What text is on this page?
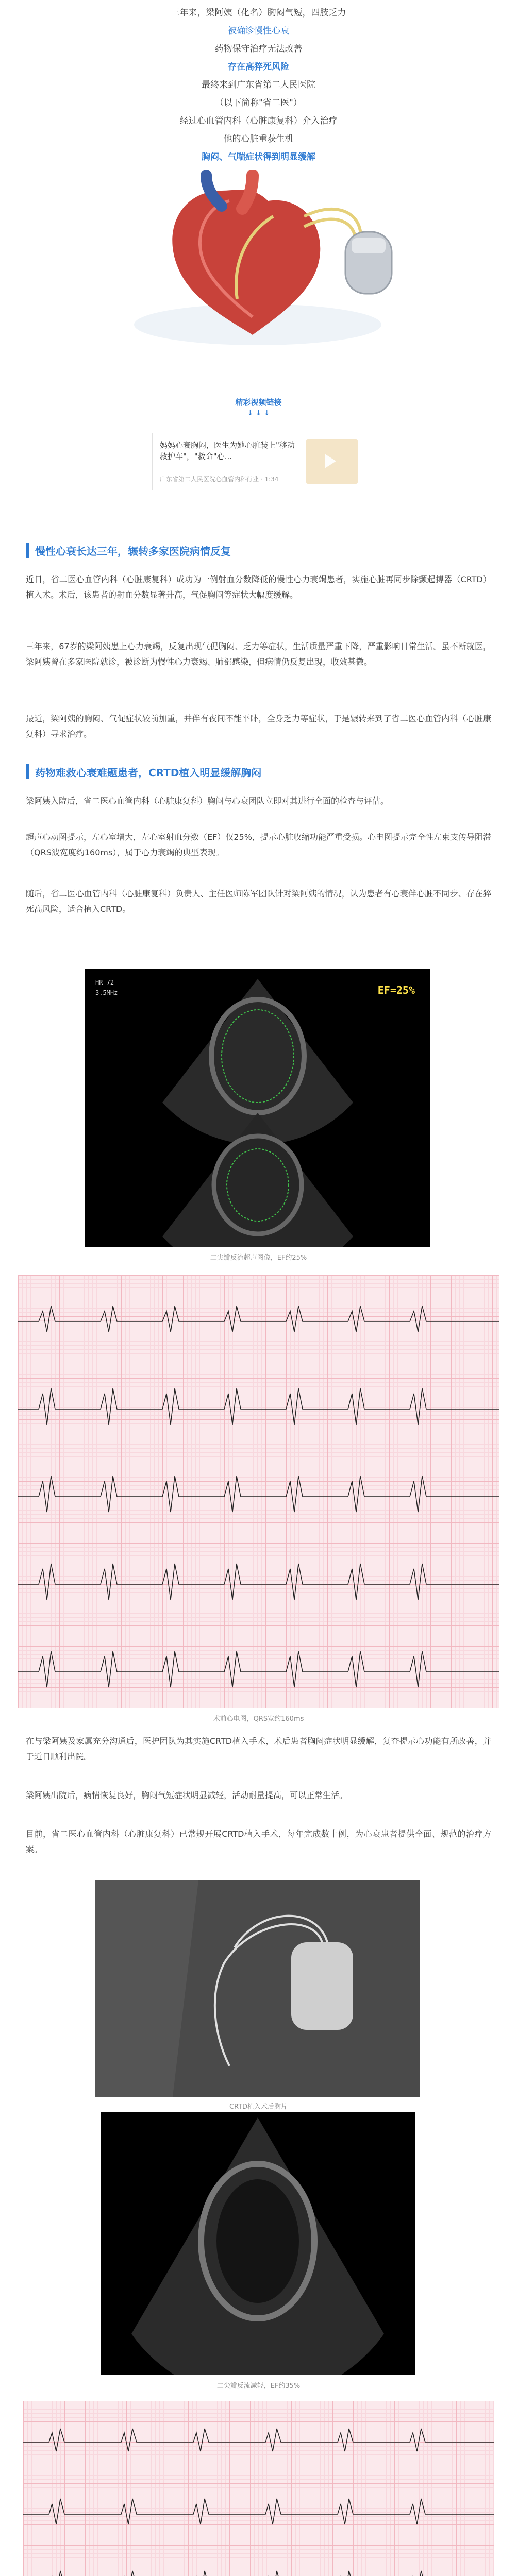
三年来，梁阿姨（化名）胸闷气短，四肢乏力
被确诊慢性心衰
药物保守治疗无法改善
存在高猝死风险
最终来到广东省第二人民医院
（以下简称"省二医"）
经过心血管内科（心脏康复科）介入治疗
他的心脏重获生机
胸闷、气喘症状得到明显缓解
精彩视频链接
↓ ↓ ↓
妈妈心衰胸闷，医生为她心脏装上"移动救护车"，"救命"心...
广东省第二人民医院心血管内科行业 · 1:34
慢性心衰长达三年，辗转多家医院病情反复
近日，省二医心血管内科（心脏康复科）成功为一例射血分数降低的慢性心力衰竭患者，实施心脏再同步除颤起搏器（CRTD）植入术。术后，该患者的射血分数显著升高，气促胸闷等症状大幅度缓解。
三年来，67岁的梁阿姨患上心力衰竭，反复出现气促胸闷、乏力等症状，生活质量严重下降，严重影响日常生活。虽不断就医，梁阿姨曾在多家医院就诊，被诊断为慢性心力衰竭、肺部感染，但病情仍反复出现，收效甚微。
最近，梁阿姨的胸闷、气促症状较前加重，并伴有夜间不能平卧，全身乏力等症状，于是辗转来到了省二医心血管内科（心脏康复科）寻求治疗。
药物难救心衰难题患者，CRTD植入明显缓解胸闷
梁阿姨入院后，省二医心血管内科（心脏康复科）胸闷与心衰团队立即对其进行全面的检查与评估。
超声心动图提示，左心室增大，左心室射血分数（EF）仅25%，提示心脏收缩功能严重受损。心电图提示完全性左束支传导阻滞（QRS波宽度约160ms），属于心力衰竭的典型表现。
随后，省二医心血管内科（心脏康复科）负责人、主任医师陈军团队针对梁阿姨的情况，认为患者有心衰伴心脏不同步、存在猝死高风险，适合植入CRTD。
EF=25%
HR 72
3.5MHz
二尖瓣反流超声图像，EF约25%
术前心电图，QRS宽约160ms
在与梁阿姨及家属充分沟通后，医护团队为其实施CRTD植入手术，术后患者胸闷症状明显缓解，复查提示心功能有所改善，并于近日顺利出院。
梁阿姨出院后，病情恢复良好，胸闷气短症状明显减轻，活动耐量提高，可以正常生活。
目前，省二医心血管内科（心脏康复科）已常规开展CRTD植入手术，每年完成数十例，为心衰患者提供全面、规范的治疗方案。
CRTD植入术后胸片
二尖瓣反流减轻，EF约35%
